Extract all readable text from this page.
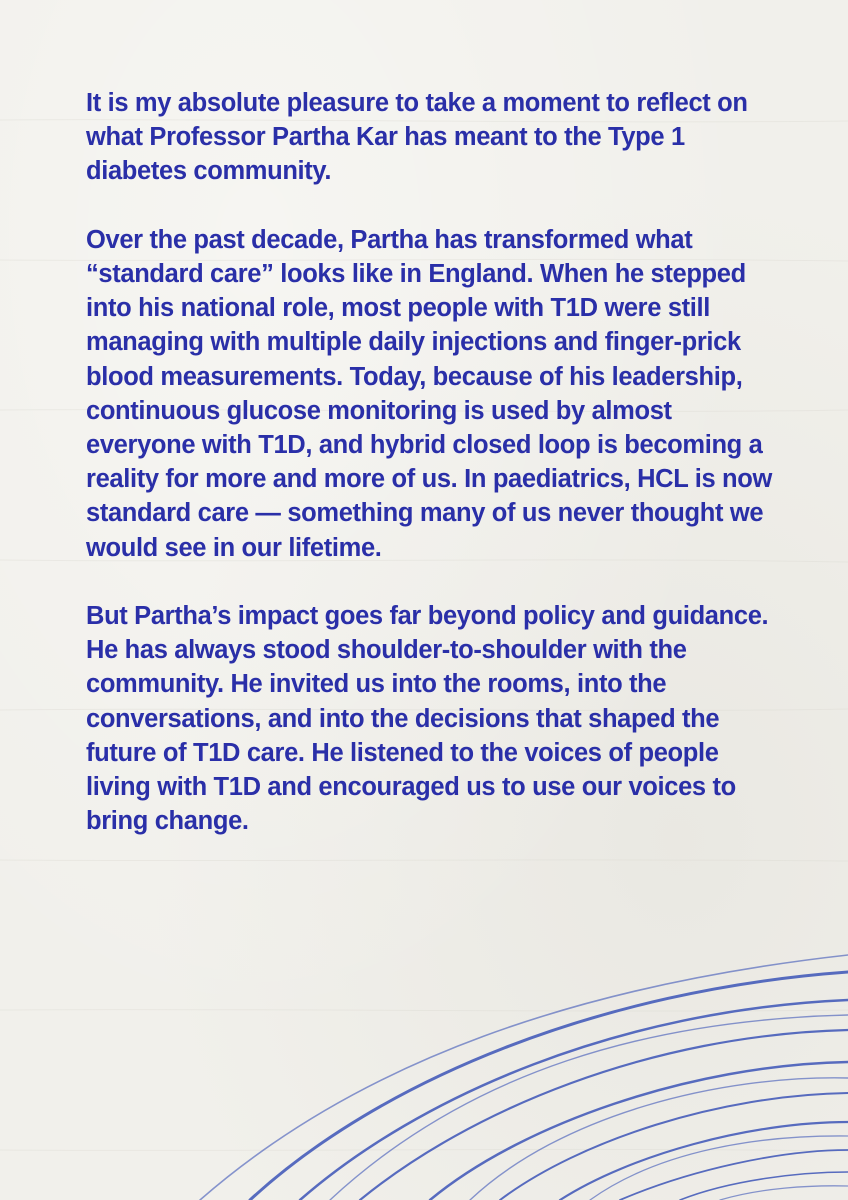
It is my absolute pleasure to take a moment to reflect on what Professor Partha Kar has meant to the Type 1 diabetes community.

Over the past decade, Partha has transformed what “standard care” looks like in England. When he stepped into his national role, most people with T1D were still managing with multiple daily injections and finger-prick blood measurements. Today, because of his leadership, continuous glucose monitoring is used by almost everyone with T1D, and hybrid closed loop is becoming a reality for more and more of us. In paediatrics, HCL is now standard care — something many of us never thought we would see in our lifetime.

But Partha’s impact goes far beyond policy and guidance. He has always stood shoulder-to-shoulder with the community. He invited us into the rooms, into the conversations, and into the decisions that shaped the future of T1D care. He listened to the voices of people living with T1D and encouraged us to use our voices to bring change.
